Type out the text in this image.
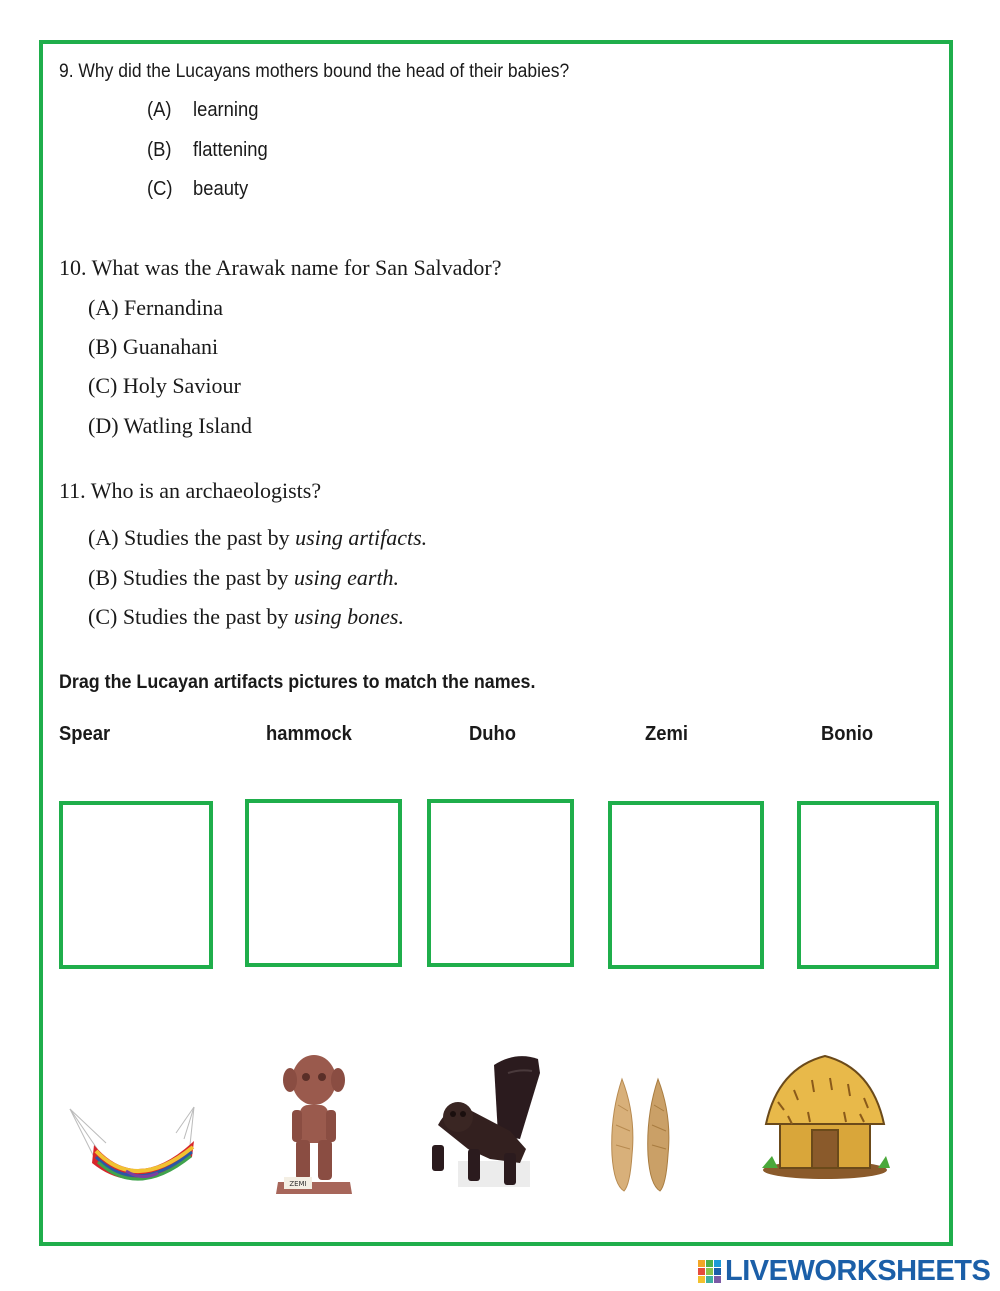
9. Why did the Lucayans mothers bound the head of their babies?
(A) learning
(B) flattening
(C) beauty
10. What was the Arawak name for San Salvador?
(A) Fernandina
(B) Guanahani
(C) Holy Saviour
(D) Watling Island
11. Who is an archaeologists?
(A) Studies the past by using artifacts.
(B) Studies the past by using earth.
(C) Studies the past by using bones.
Drag the Lucayan artifacts pictures to match the names.
Spear	hammock	Duho	Zemi	Bonio
ZEMI
LIVEWORKSHEETS
